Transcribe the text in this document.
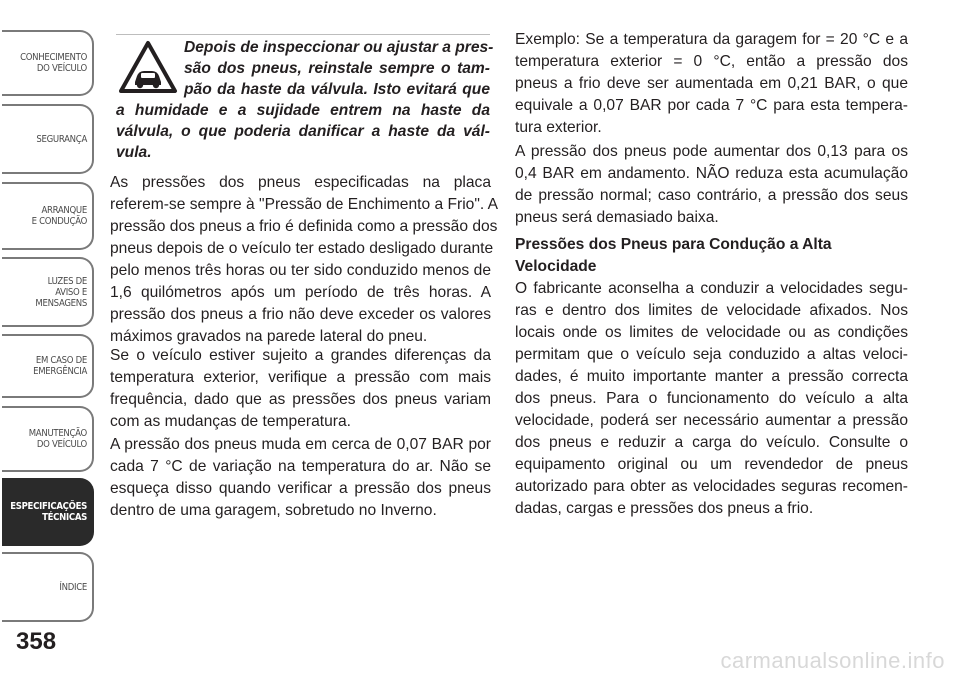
CONHECIMENTO
DO VEÍCULO
SEGURANÇA
ARRANQUE
E CONDUÇÃO
LUZES DE
AVISO E
MENSAGENS
EM CASO DE
EMERGÊNCIA
MANUTENÇÃO
DO VEÍCULO
ESPECIFICAÇÕES
TÉCNICAS
ÍNDICE
358
Depois de inspeccionar ou ajustar a pres-
são dos pneus, reinstale sempre o tam-
pão da haste da válvula. Isto evitará que
a humidade e a sujidade entrem na haste da
válvula, o que poderia danificar a haste da vál-
vula.
As pressões dos pneus especificadas na placa
referem-se sempre à "Pressão de Enchimento a Frio". A
pressão dos pneus a frio é definida como a pressão dos
pneus depois de o veículo ter estado desligado durante
pelo menos três horas ou ter sido conduzido menos de
1,6 quilómetros após um período de três horas. A
pressão dos pneus a frio não deve exceder os valores
máximos gravados na parede lateral do pneu.
Se o veículo estiver sujeito a grandes diferenças da
temperatura exterior, verifique a pressão com mais
frequência, dado que as pressões dos pneus variam
com as mudanças de temperatura.
A pressão dos pneus muda em cerca de 0,07 BAR por
cada 7 °C de variação na temperatura do ar. Não se
esqueça disso quando verificar a pressão dos pneus
dentro de uma garagem, sobretudo no Inverno.
Exemplo: Se a temperatura da garagem for = 20 °C e a
temperatura exterior = 0 °C, então a pressão dos
pneus a frio deve ser aumentada em 0,21 BAR, o que
equivale a 0,07 BAR por cada 7 °C para esta tempera-
tura exterior.
A pressão dos pneus pode aumentar dos 0,13 para os
0,4 BAR em andamento. NÃO reduza esta acumulação
de pressão normal; caso contrário, a pressão dos seus
pneus será demasiado baixa.
Pressões dos Pneus para Condução a Alta
Velocidade
O fabricante aconselha a conduzir a velocidades segu-
ras e dentro dos limites de velocidade afixados. Nos
locais onde os limites de velocidade ou as condições
permitam que o veículo seja conduzido a altas veloci-
dades, é muito importante manter a pressão correcta
dos pneus. Para o funcionamento do veículo a alta
velocidade, poderá ser necessário aumentar a pressão
dos pneus e reduzir a carga do veículo. Consulte o
equipamento original ou um revendedor de pneus
autorizado para obter as velocidades seguras recomen-
dadas, cargas e pressões dos pneus a frio.
carmanualsonline.info
